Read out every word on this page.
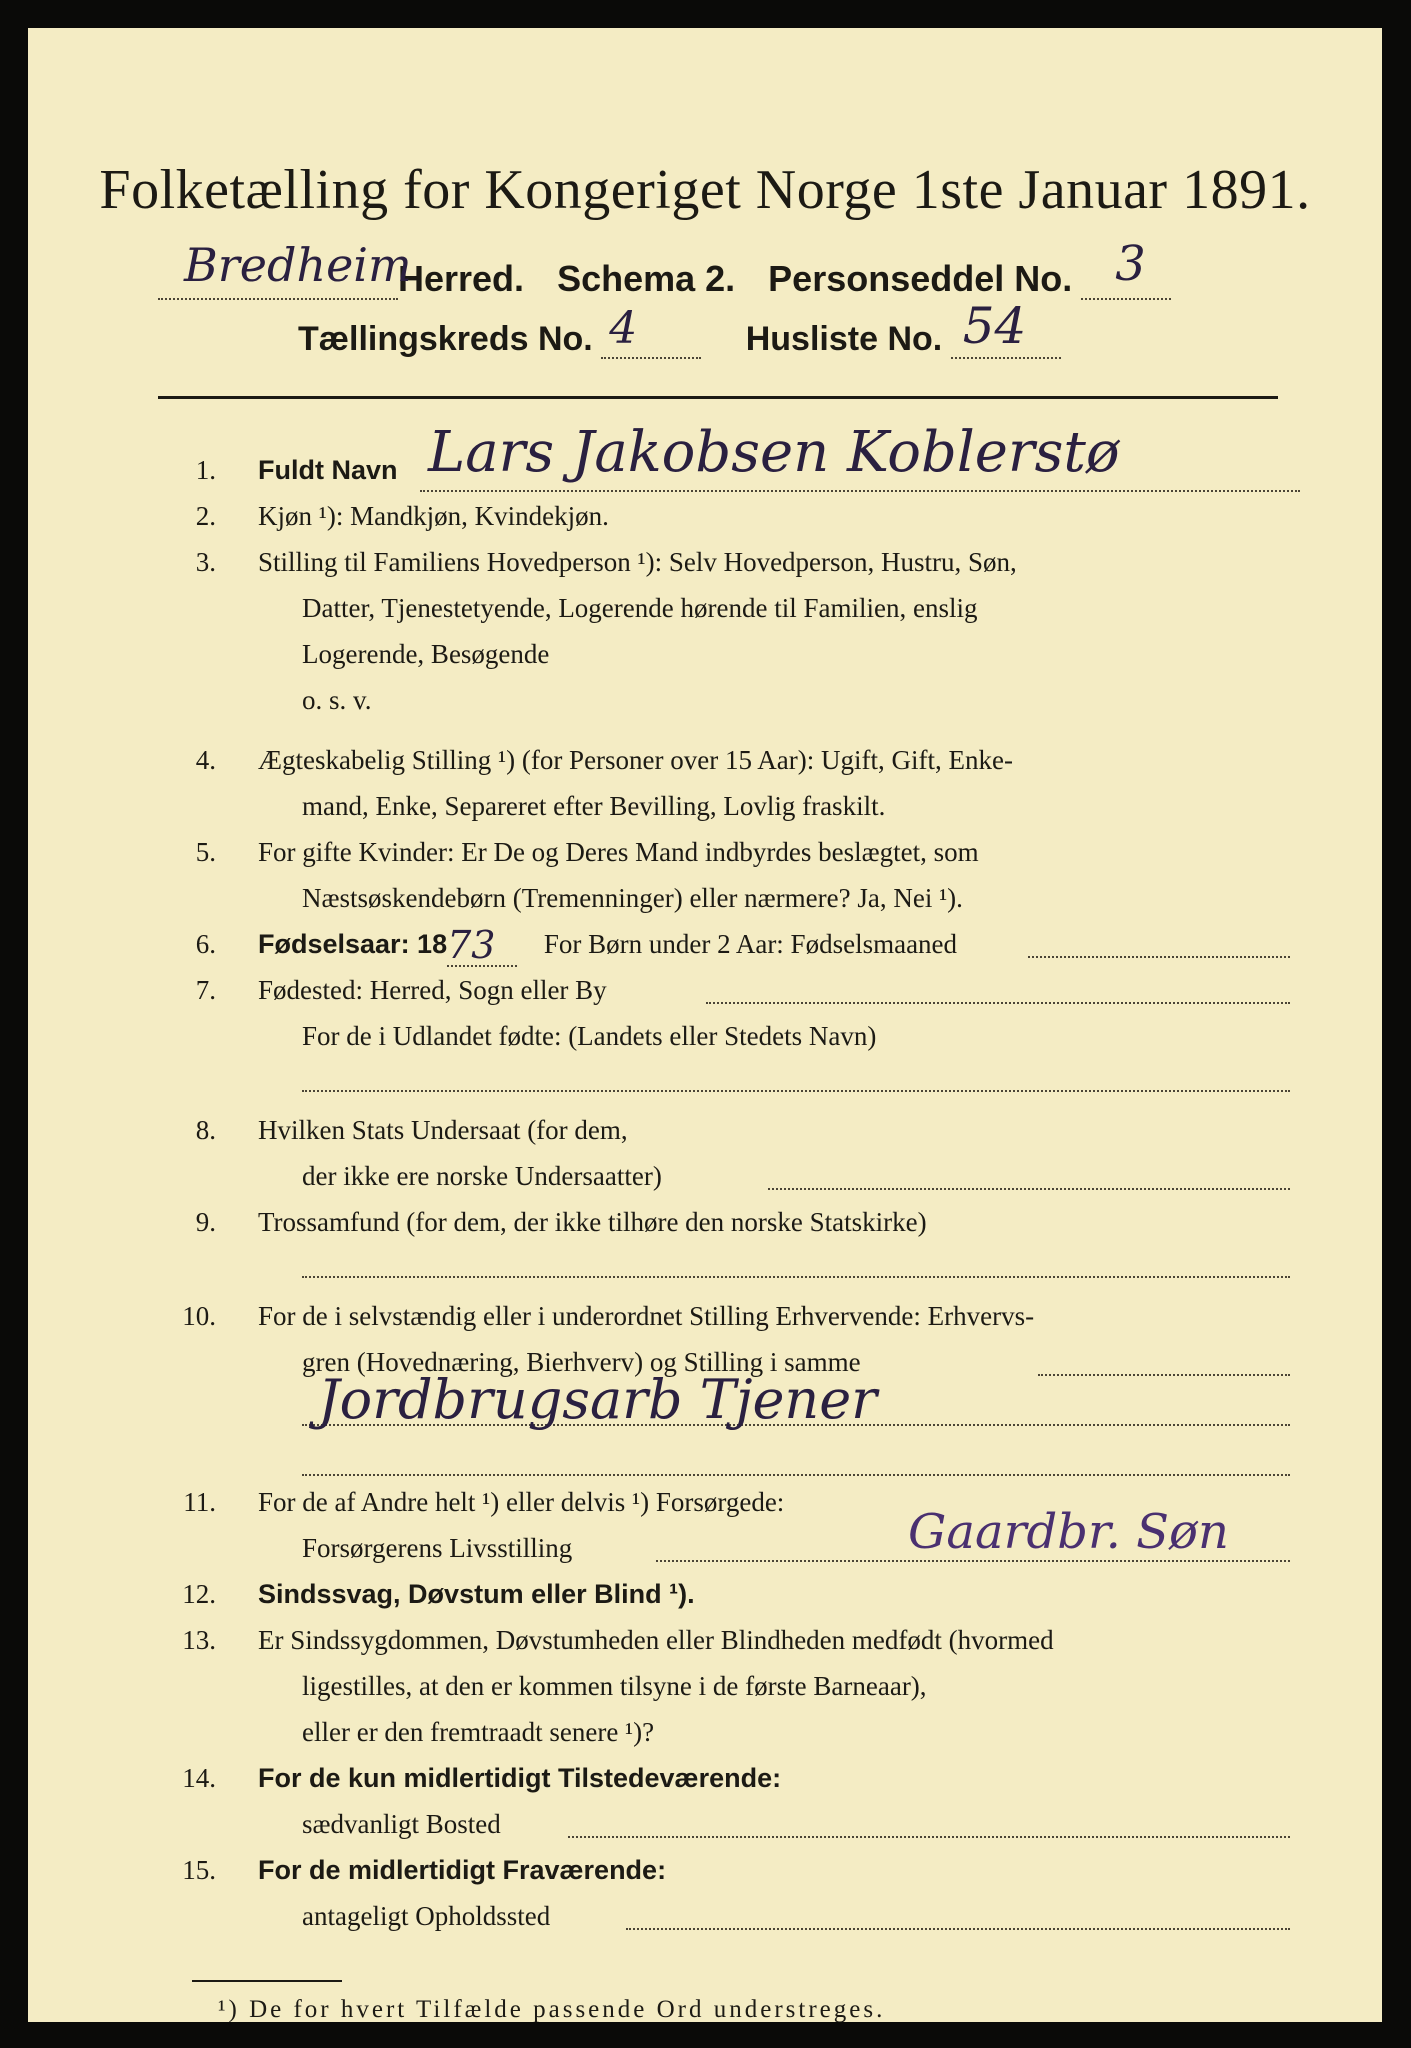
Folketælling for Kongeriget Norge 1ste Januar 1891.
Bredheim
Herred. Schema 2. Personseddel No. 3
Tællingskreds No. 4	Husliste No. 54
1. Fuldt Navn Lars Jakobsen Koblerstø
2. Kjøn ¹): Mandkjøn, Kvindekjøn.
3. Stilling til Familiens Hovedperson ¹): Selv Hovedperson, Hustru, Søn,
Datter, Tjenestetyende, Logerende hørende til Familien, enslig
Logerende, Besøgende
o. s. v.
4. Ægteskabelig Stilling ¹) (for Personer over 15 Aar): Ugift, Gift, Enke-
mand, Enke, Separeret efter Bevilling, Lovlig fraskilt.
5. For gifte Kvinder: Er De og Deres Mand indbyrdes beslægtet, som
Næstsøskendebørn (Tremenninger) eller nærmere? Ja, Nei ¹).
6. Fødselsaar: 18 73 For Børn under 2 Aar: Fødselsmaaned
7. Fødested: Herred, Sogn eller By
For de i Udlandet fødte: (Landets eller Stedets Navn)
8. Hvilken Stats Undersaat (for dem,
der ikke ere norske Undersaatter)
9. Trossamfund (for dem, der ikke tilhøre den norske Statskirke)
10. For de i selvstændig eller i underordnet Stilling Erhvervende: Erhvervs-
gren (Hovednæring, Bierhverv) og Stilling i samme
Jordbrugsarb Tjener
11. For de af Andre helt ¹) eller delvis ¹) Forsørgede:
Forsørgerens Livsstilling	Gaardbr. Søn
12. Sindssvag, Døvstum eller Blind ¹).
13. Er Sindssygdommen, Døvstumheden eller Blindheden medfødt (hvormed
ligestilles, at den er kommen tilsyne i de første Barneaar),
eller er den fremtraadt senere ¹)?
14. For de kun midlertidigt Tilstedeværende:
sædvanligt Bosted
15. For de midlertidigt Fraværende:
antageligt Opholdssted
¹) De for hvert Tilfælde passende Ord understreges.
